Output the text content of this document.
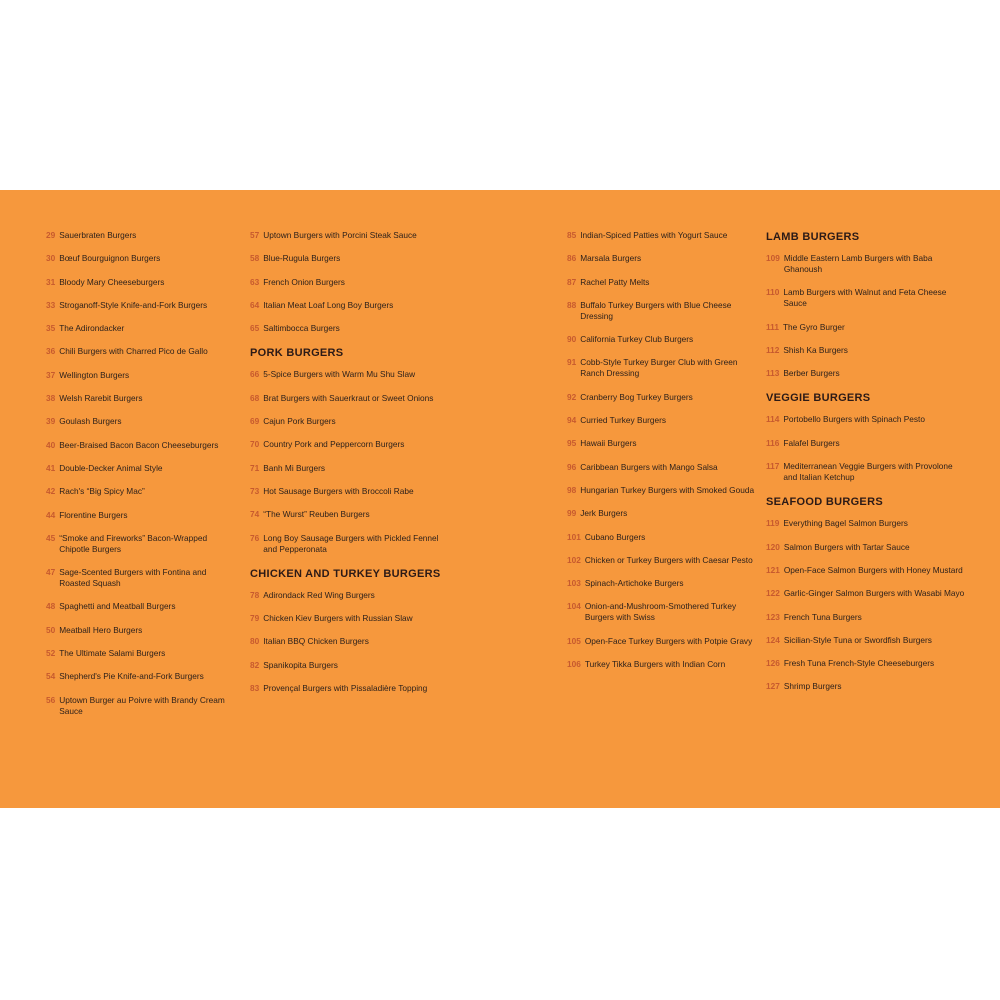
29 Sauerbraten Burgers
30 Bœuf Bourguignon Burgers
31 Bloody Mary Cheeseburgers
33 Stroganoff-Style Knife-and-Fork Burgers
35 The Adirondacker
36 Chili Burgers with Charred Pico de Gallo
37 Wellington Burgers
38 Welsh Rarebit Burgers
39 Goulash Burgers
40 Beer-Braised Bacon Bacon Cheeseburgers
41 Double-Decker Animal Style
42 Rach's “Big Spicy Mac”
44 Florentine Burgers
45 “Smoke and Fireworks” Bacon-Wrapped Chipotle Burgers
47 Sage-Scented Burgers with Fontina and Roasted Squash
48 Spaghetti and Meatball Burgers
50 Meatball Hero Burgers
52 The Ultimate Salami Burgers
54 Shepherd's Pie Knife-and-Fork Burgers
56 Uptown Burger au Poivre with Brandy Cream Sauce
57 Uptown Burgers with Porcini Steak Sauce
58 Blue-Rugula Burgers
63 French Onion Burgers
64 Italian Meat Loaf Long Boy Burgers
65 Saltimbocca Burgers
PORK BURGERS
66 5-Spice Burgers with Warm Mu Shu Slaw
68 Brat Burgers with Sauerkraut or Sweet Onions
69 Cajun Pork Burgers
70 Country Pork and Peppercorn Burgers
71 Banh Mi Burgers
73 Hot Sausage Burgers with Broccoli Rabe
74 “The Wurst” Reuben Burgers
76 Long Boy Sausage Burgers with Pickled Fennel and Pepperonata
CHICKEN AND TURKEY BURGERS
78 Adirondack Red Wing Burgers
79 Chicken Kiev Burgers with Russian Slaw
80 Italian BBQ Chicken Burgers
82 Spanikopita Burgers
83 Provençal Burgers with Pissaladière Topping
85 Indian-Spiced Patties with Yogurt Sauce
86 Marsala Burgers
87 Rachel Patty Melts
88 Buffalo Turkey Burgers with Blue Cheese Dressing
90 California Turkey Club Burgers
91 Cobb-Style Turkey Burger Club with Green Ranch Dressing
92 Cranberry Bog Turkey Burgers
94 Curried Turkey Burgers
95 Hawaii Burgers
96 Caribbean Burgers with Mango Salsa
98 Hungarian Turkey Burgers with Smoked Gouda
99 Jerk Burgers
101 Cubano Burgers
102 Chicken or Turkey Burgers with Caesar Pesto
103 Spinach-Artichoke Burgers
104 Onion-and-Mushroom-Smothered Turkey Burgers with Swiss
105 Open-Face Turkey Burgers with Potpie Gravy
106 Turkey Tikka Burgers with Indian Corn
LAMB BURGERS
109 Middle Eastern Lamb Burgers with Baba Ghanoush
110 Lamb Burgers with Walnut and Feta Cheese Sauce
111 The Gyro Burger
112 Shish Ka Burgers
113 Berber Burgers
VEGGIE BURGERS
114 Portobello Burgers with Spinach Pesto
116 Falafel Burgers
117 Mediterranean Veggie Burgers with Provolone and Italian Ketchup
SEAFOOD BURGERS
119 Everything Bagel Salmon Burgers
120 Salmon Burgers with Tartar Sauce
121 Open-Face Salmon Burgers with Honey Mustard
122 Garlic-Ginger Salmon Burgers with Wasabi Mayo
123 French Tuna Burgers
124 Sicilian-Style Tuna or Swordfish Burgers
126 Fresh Tuna French-Style Cheeseburgers
127 Shrimp Burgers
